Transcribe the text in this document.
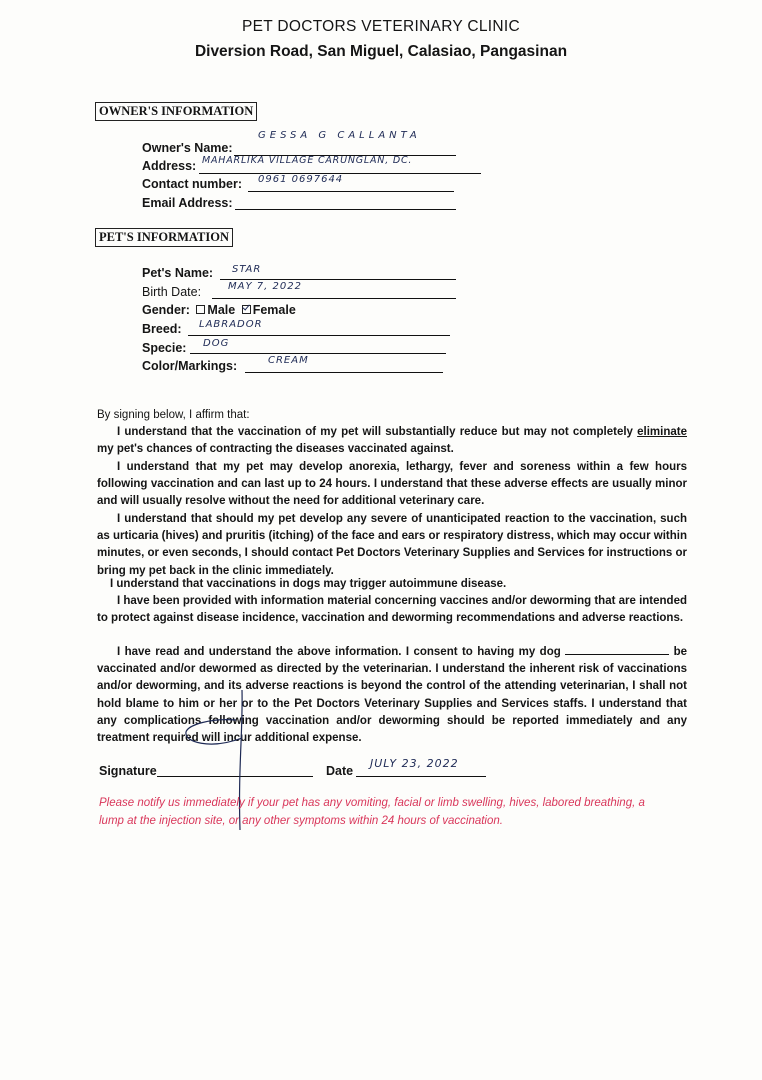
PET DOCTORS VETERINARY CLINIC
Diversion Road, San Miguel, Calasiao, Pangasinan
OWNER'S INFORMATION
Owner's Name:
GESSA G CALLANTA
Address: MAHARLIKA VILLAGE CARUNGLAN, DC.
Contact number: 0961 0697644
Email Address:
PET'S INFORMATION
Pet's Name: STAR
Birth Date:	MAY 7, 2022
Gender: Male Female
Breed: LABRADOR
Specie: DOG
Color/Markings:	CREAM
By signing below, I affirm that:
I understand that the vaccination of my pet will substantially reduce but may not completely eliminate my pet's chances of contracting the diseases vaccinated against.
I understand that my pet may develop anorexia, lethargy, fever and soreness within a few hours following vaccination and can last up to 24 hours. I understand that these adverse effects are usually minor and will usually resolve without the need for additional veterinary care.
I understand that should my pet develop any severe of unanticipated reaction to the vaccination, such as urticaria (hives) and pruritis (itching) of the face and ears or respiratory distress, which may occur within minutes, or even seconds, I should contact Pet Doctors Veterinary Supplies and Services for instructions or bring my pet back in the clinic immediately.
I understand that vaccinations in dogs may trigger autoimmune disease.
I have been provided with information material concerning vaccines and/or deworming that are intended to protect against disease incidence, vaccination and deworming recommendations and adverse reactions.
I have read and understand the above information. I consent to having my dog	be vaccinated and/or dewormed as directed by the veterinarian. I understand the inherent risk of vaccinations and/or deworming, and its adverse reactions is beyond the control of the attending veterinarian, I shall not hold blame to him or her or to the Pet Doctors Veterinary Supplies and Services staffs. I understand that any complications following vaccination and/or deworming should be reported immediately and any treatment required will incur additional expense.
Signature	Date
JULY 23, 2022
Please notify us immediately if your pet has any vomiting, facial or limb swelling, hives, labored breathing, a lump at the injection site, or any other symptoms within 24 hours of vaccination.
